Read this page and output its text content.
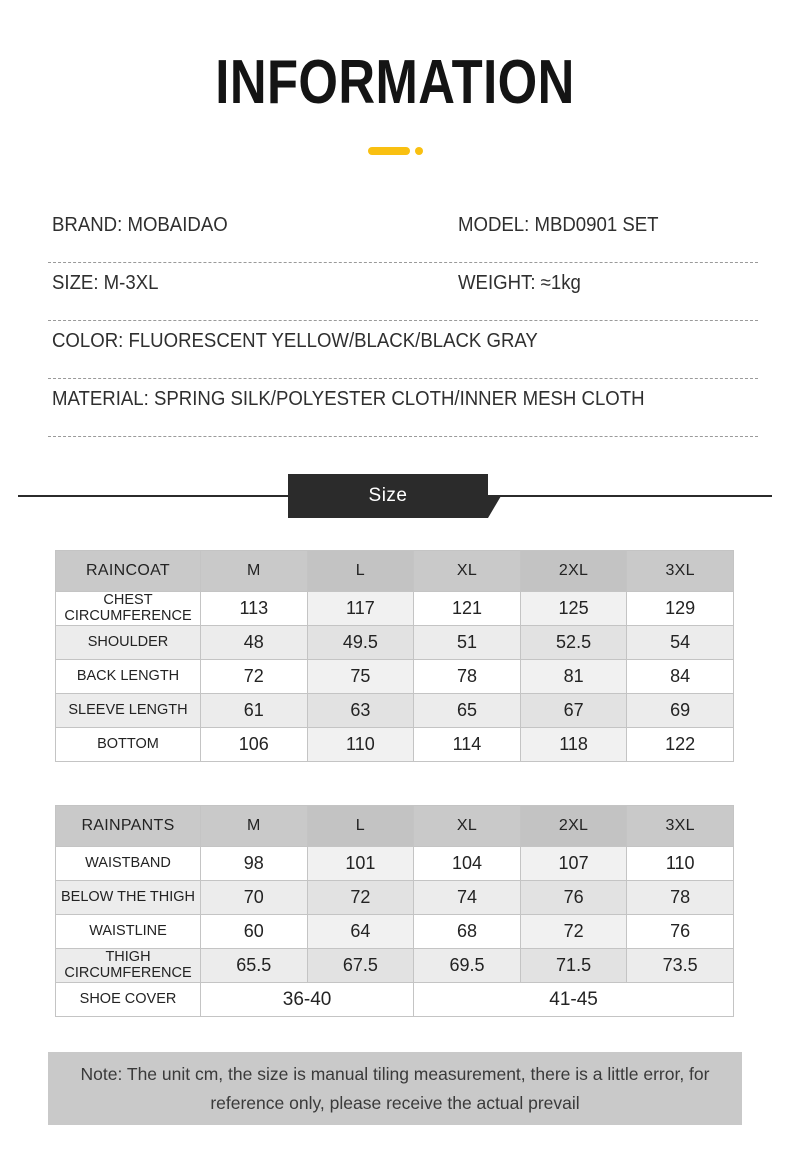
INFORMATION
BRAND: MOBAIDAO	MODEL: MBD0901 SET
SIZE: M-3XL	WEIGHT: ≈1kg
COLOR: FLUORESCENT YELLOW/BLACK/BLACK GRAY
MATERIAL: SPRING SILK/POLYESTER CLOTH/INNER MESH CLOTH
Size
RAINCOAT	M	L	XL	2XL	3XL
CHEST
CIRCUMFERENCE	113	117	121	125	129
SHOULDER	48	49.5	51	52.5	54
BACK LENGTH	72	75	78	81	84
SLEEVE LENGTH	61	63	65	67	69
BOTTOM	106	110	114	118	122
RAINPANTS	M	L	XL	2XL	3XL
WAISTBAND	98	101	104	107	110
BELOW THE THIGH	70	72	74	76	78
WAISTLINE	60	64	68	72	76
THIGH
CIRCUMFERENCE	65.5	67.5	69.5	71.5	73.5
SHOE COVER	36-40		41-45		
Note: The unit cm, the size is manual tiling measurement, there is a little error, for reference only, please receive the actual prevail
